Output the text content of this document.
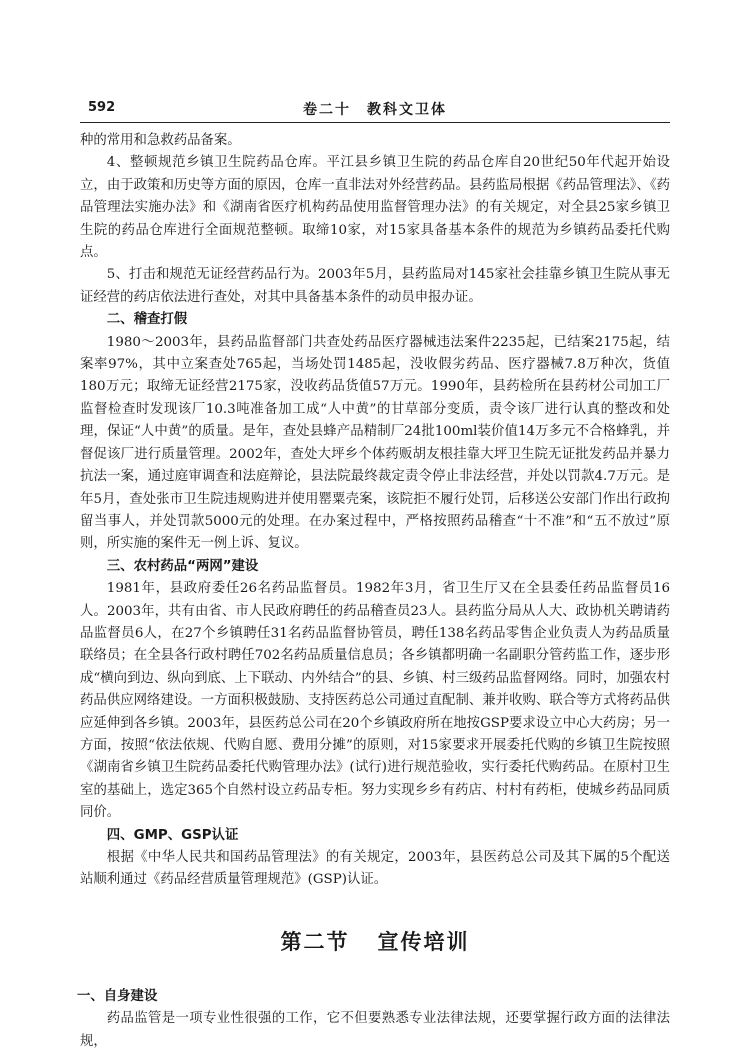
592	卷二十　教科文卫体

种的常用和急救药品备案。

4、整顿规范乡镇卫生院药品仓库。平江县乡镇卫生院的药品仓库自20世纪50年代起开始设立，由于政策和历史等方面的原因，仓库一直非法对外经营药品。县药监局根据《药品管理法》、《药品管理法实施办法》和《湖南省医疗机构药品使用监督管理办法》的有关规定，对全县25家乡镇卫生院的药品仓库进行全面规范整顿。取缔10家，对15家具备基本条件的规范为乡镇药品委托代购点。

5、打击和规范无证经营药品行为。2003年5月，县药监局对145家社会挂靠乡镇卫生院从事无证经营的药店依法进行查处，对其中具备基本条件的动员申报办证。

二、稽查打假

1980～2003年，县药品监督部门共查处药品医疗器械违法案件2235起，已结案2175起，结案率97%，其中立案查处765起，当场处罚1485起，没收假劣药品、医疗器械7.8万种次，货值180万元；取缔无证经营2175家，没收药品货值57万元。1990年，县药检所在县药材公司加工厂监督检查时发现该厂10.3吨准备加工成“人中黄”的甘草部分变质，责令该厂进行认真的整改和处理，保证“人中黄”的质量。是年，查处县蜂产品精制厂24批100ml装价值14万多元不合格蜂乳，并督促该厂进行质量管理。2002年，查处大坪乡个体药贩胡友根挂靠大坪卫生院无证批发药品并暴力抗法一案，通过庭审调查和法庭辩论，县法院最终裁定责令停止非法经营，并处以罚款4.7万元。是年5月，查处张市卫生院违规购进并使用罂粟壳案，该院拒不履行处罚，后移送公安部门作出行政拘留当事人，并处罚款5000元的处理。在办案过程中，严格按照药品稽查“十不准”和“五不放过”原则，所实施的案件无一例上诉、复议。

三、农村药品“两网”建设

1981年，县政府委任26名药品监督员。1982年3月，省卫生厅又在全县委任药品监督员16人。2003年，共有由省、市人民政府聘任的药品稽查员23人。县药监分局从人大、政协机关聘请药品监督员6人，在27个乡镇聘任31名药品监督协管员，聘任138名药品零售企业负责人为药品质量联络员；在全县各行政村聘任702名药品质量信息员；各乡镇都明确一名副职分管药监工作，逐步形成“横向到边、纵向到底、上下联动、内外结合”的县、乡镇、村三级药品监督网络。同时，加强农村药品供应网络建设。一方面积极鼓励、支持医药总公司通过直配制、兼并收购、联合等方式将药品供应延伸到各乡镇。2003年，县医药总公司在20个乡镇政府所在地按GSP要求设立中心大药房；另一方面，按照“依法依规、代购自愿、费用分摊”的原则，对15家要求开展委托代购的乡镇卫生院按照《湖南省乡镇卫生院药品委托代购管理办法》(试行)进行规范验收，实行委托代购药品。在原村卫生室的基础上，选定365个自然村设立药品专柜。努力实现乡乡有药店、村村有药柜，使城乡药品同质同价。

四、GMP、GSP认证

根据《中华人民共和国药品管理法》的有关规定，2003年，县医药总公司及其下属的5个配送站顺利通过《药品经营质量管理规范》(GSP)认证。

第二节 宣传培训
一、自身建设

药品监管是一项专业性很强的工作，它不但要熟悉专业法律法规，还要掌握行政方面的法律法规，
